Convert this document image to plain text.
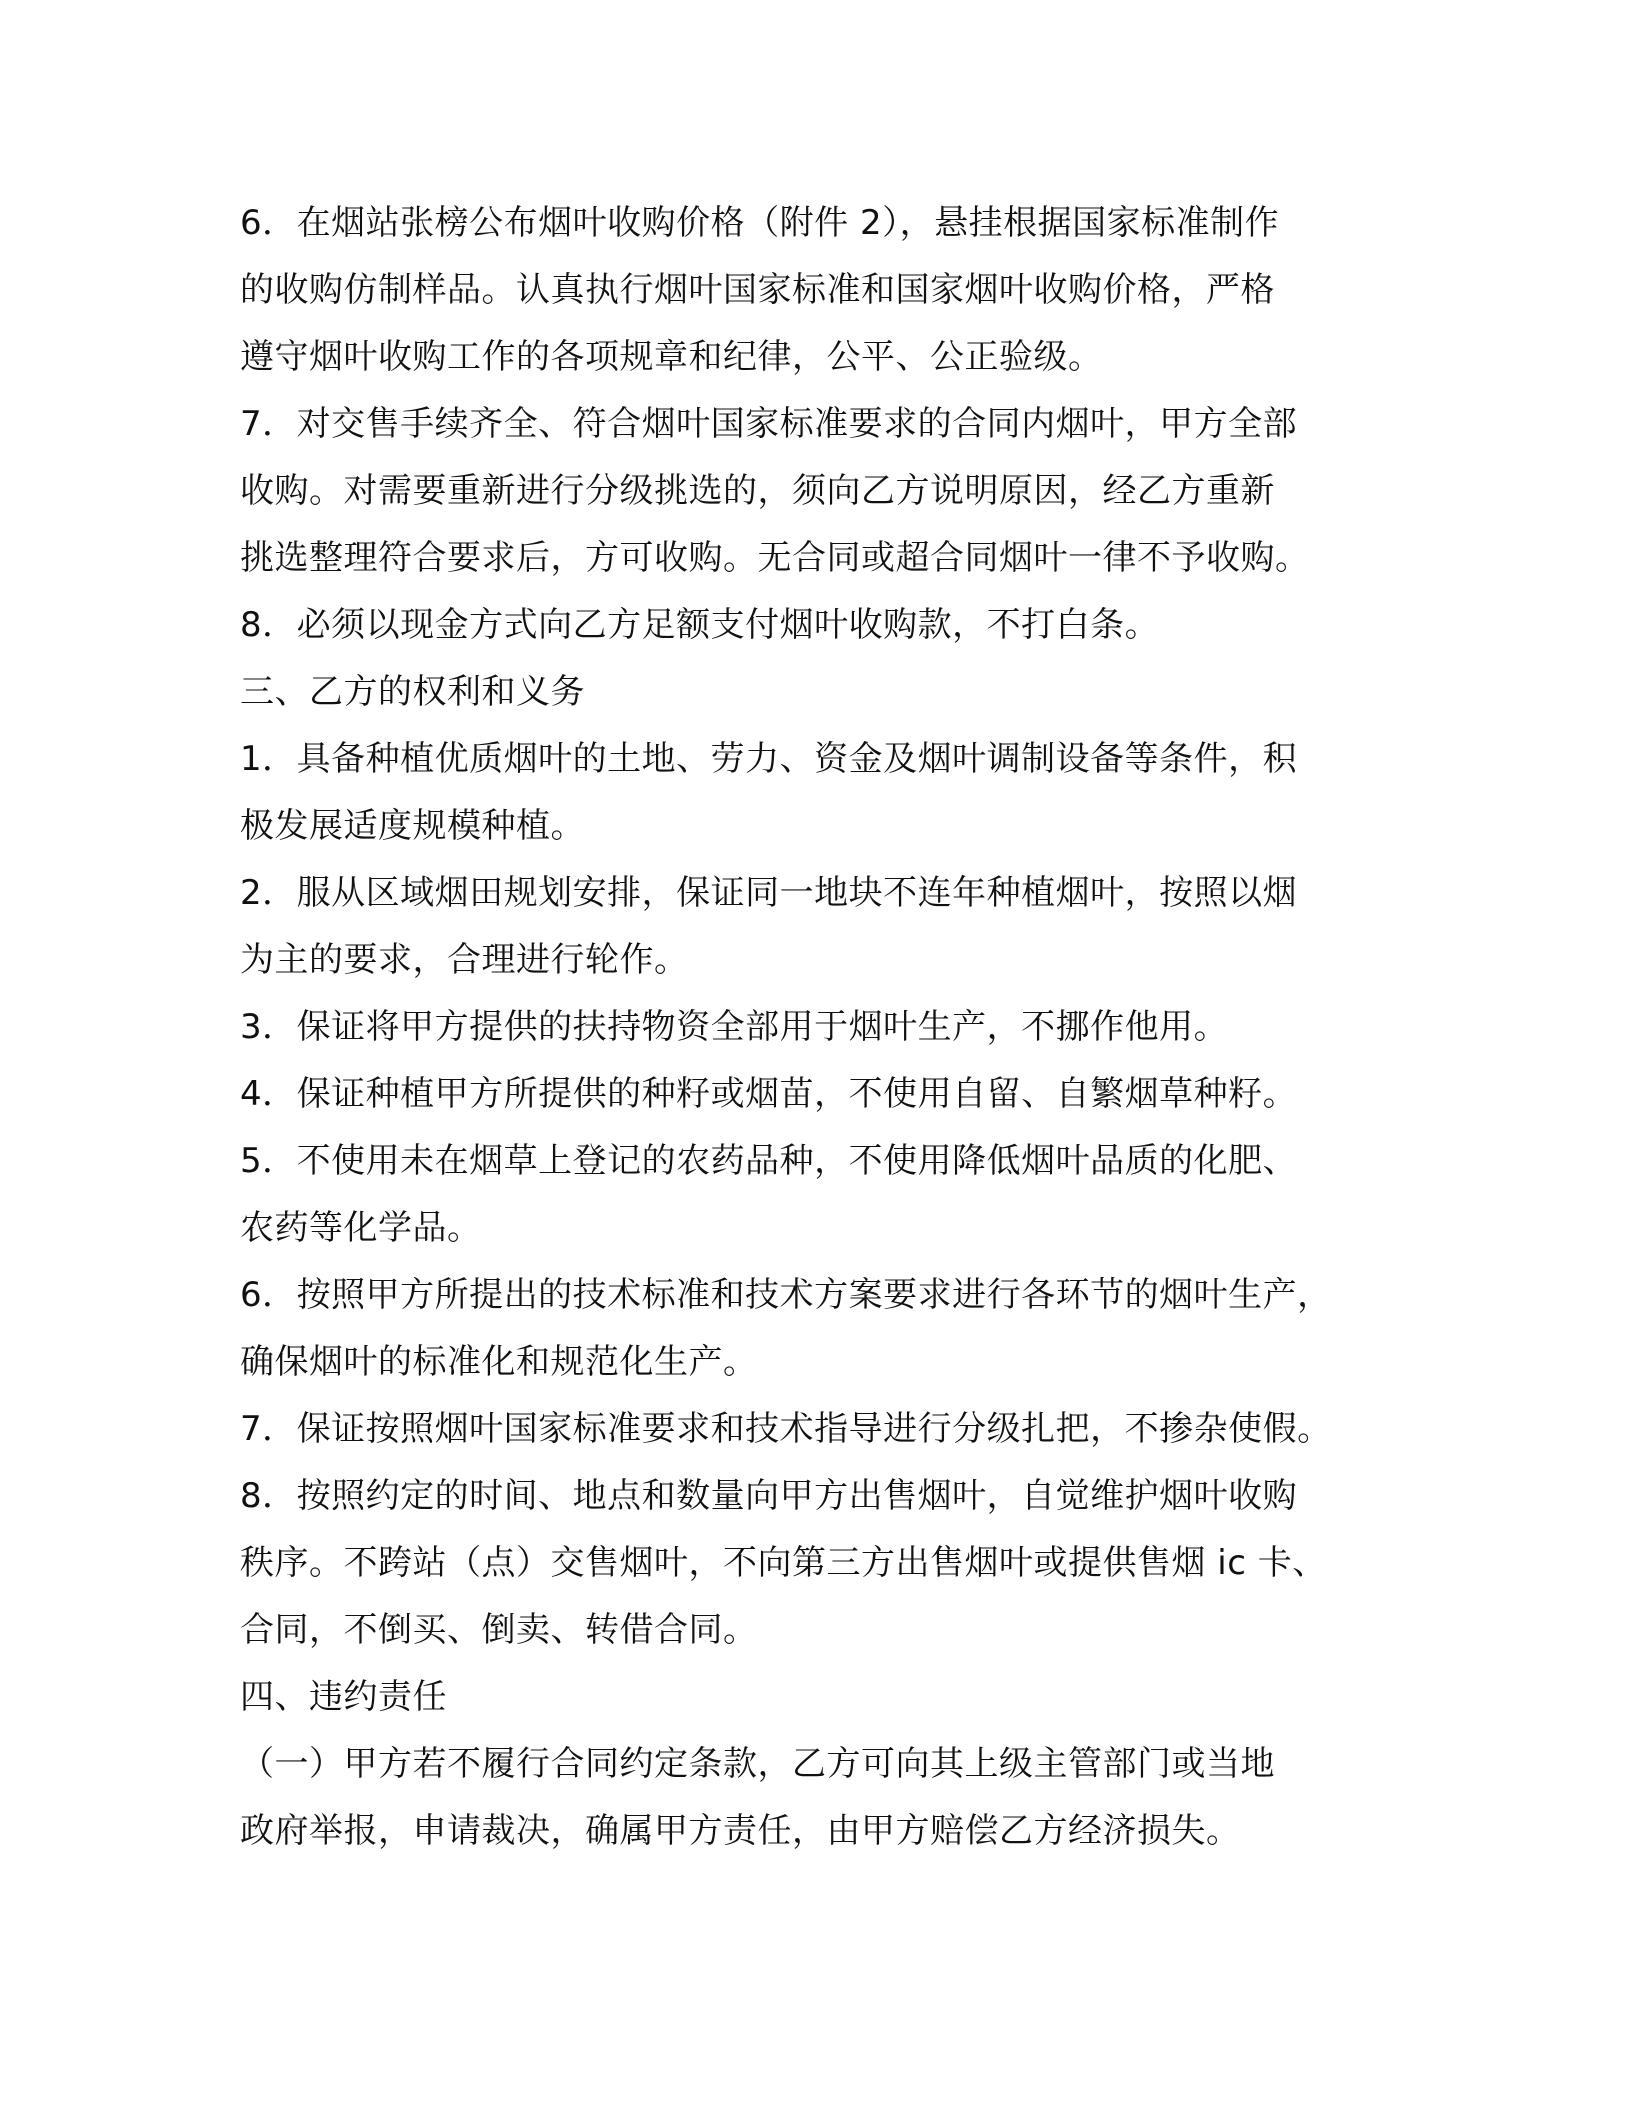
6．在烟站张榜公布烟叶收购价格（附件 2），悬挂根据国家标准制作
的收购仿制样品。认真执行烟叶国家标准和国家烟叶收购价格，严格
遵守烟叶收购工作的各项规章和纪律，公平、公正验级。
7．对交售手续齐全、符合烟叶国家标准要求的合同内烟叶，甲方全部
收购。对需要重新进行分级挑选的，须向乙方说明原因，经乙方重新
挑选整理符合要求后，方可收购。无合同或超合同烟叶一律不予收购。
8．必须以现金方式向乙方足额支付烟叶收购款，不打白条。
三、乙方的权利和义务
1．具备种植优质烟叶的土地、劳力、资金及烟叶调制设备等条件，积
极发展适度规模种植。
2．服从区域烟田规划安排，保证同一地块不连年种植烟叶，按照以烟
为主的要求，合理进行轮作。
3．保证将甲方提供的扶持物资全部用于烟叶生产，不挪作他用。
4．保证种植甲方所提供的种籽或烟苗，不使用自留、自繁烟草种籽。
5．不使用未在烟草上登记的农药品种，不使用降低烟叶品质的化肥、
农药等化学品。
6．按照甲方所提出的技术标准和技术方案要求进行各环节的烟叶生产，
确保烟叶的标准化和规范化生产。
7．保证按照烟叶国家标准要求和技术指导进行分级扎把，不掺杂使假。
8．按照约定的时间、地点和数量向甲方出售烟叶，自觉维护烟叶收购
秩序。不跨站（点）交售烟叶，不向第三方出售烟叶或提供售烟 ic 卡、
合同，不倒买、倒卖、转借合同。
四、违约责任
（一）甲方若不履行合同约定条款，乙方可向其上级主管部门或当地
政府举报，申请裁决，确属甲方责任，由甲方赔偿乙方经济损失。
